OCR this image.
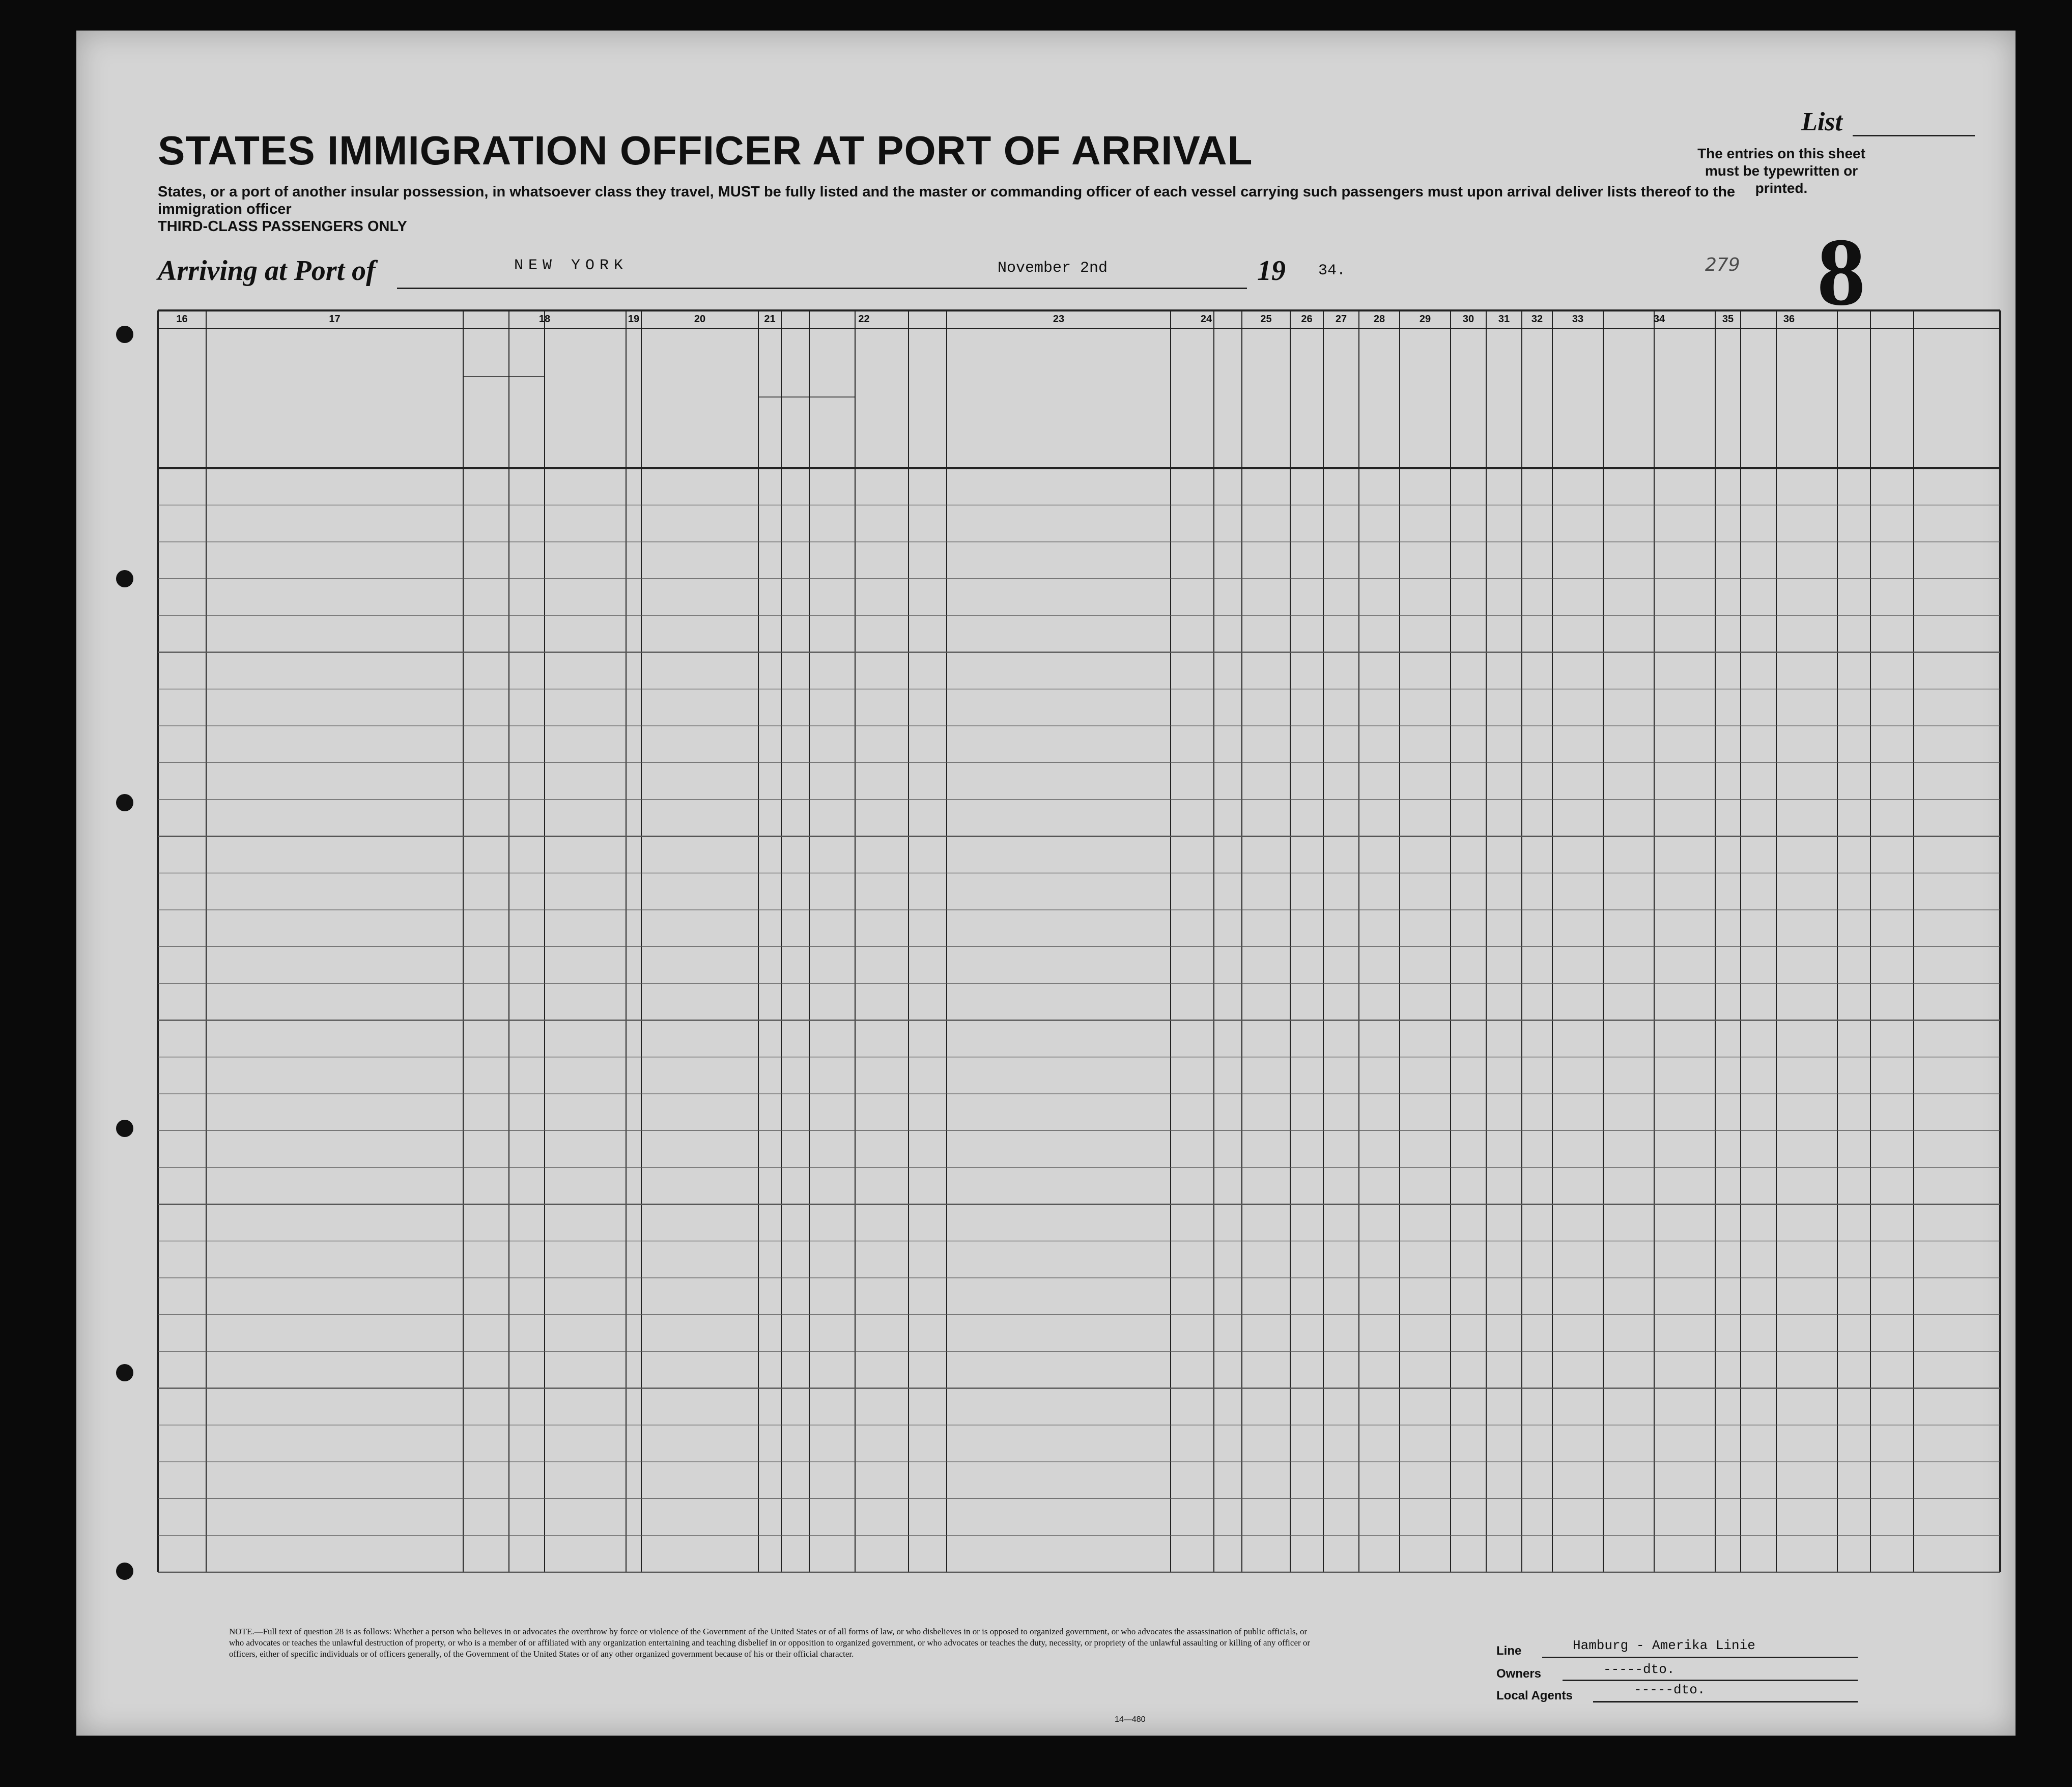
STATES IMMIGRATION OFFICER AT PORT OF ARRIVAL
List
The entries on this sheet must be typewritten or printed.
States, or a port of another insular possession, in whatsoever class they travel, MUST be fully listed and the master or commanding officer of each vessel carrying such passengers must upon arrival deliver lists thereof to the immigration officer
THIRD-CLASS PASSENGERS ONLY
Arriving at Port of	NEW YORK	November 2nd	19 34.	279 8
16	17	18	19	20	21	22	23	24	25	26	27	28	29	30	31	32	33	34	35	36
NOTE.—Full text of question 28 is as follows: Whether a person who believes in or advocates the overthrow by force or violence of the Government of the United States or of all forms of law, or who disbelieves in or is opposed to organized government, or who advocates the assassination of public officials, or who advocates or teaches the unlawful destruction of property, or who is a member of or affiliated with any organization entertaining and teaching disbelief in or opposition to organized government, or who advocates or teaches the duty, necessity, or propriety of the unlawful assaulting or killing of any officer or officers, either of specific individuals or of officers generally, of the Government of the United States or of any other organized government because of his or their official character.	Line	Hamburg - Amerika Linie
Owners	-----dto.
Local Agents	-----dto.
14—480
